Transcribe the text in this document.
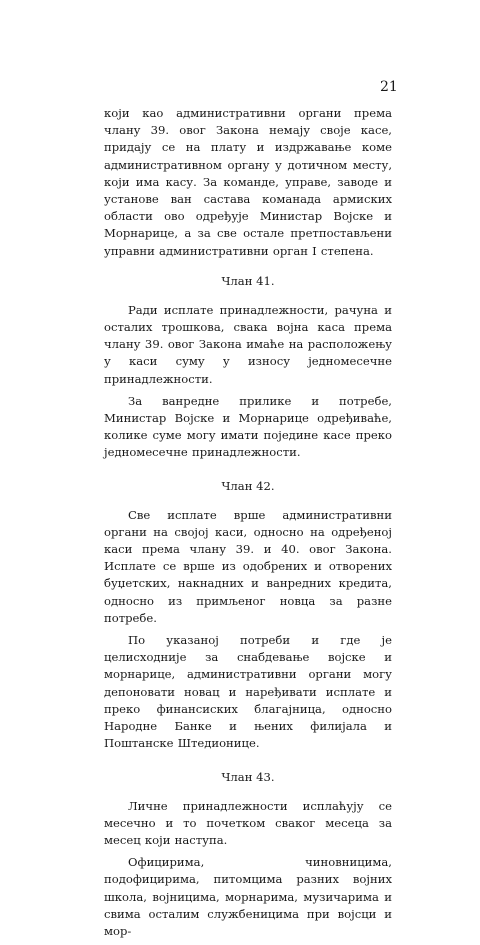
21

који као административни органи према члану 39. овог Закона немају своје касе, придају се на плату и издржавање коме административном органу у дотичном месту, који има касу. За команде, управе, заводе и установе ван састава команада армиских области ово одређује Министар Војске и Морнарице, а за све остале претпостављени управни административни орган I степена.

Члан 41.

Ради исплате принадлежности, рачуна и осталих трошкова, свака војна каса према члану 39. овог Закона имаће на расположењу у каси суму у износу једномесечне принадлежности.

За ванредне прилике и потребе, Министар Војске и Морнарице одређиваће, колике суме могу имати поједине касе преко једномесечне принадлежности.

Члан 42.

Све исплате врше административни органи на својој каси, односно на одређеној каси према члану 39. и 40. овог Закона. Исплате се врше из одобрених и отворених буџетских, накнадних и ванредних кредита, односно из примљеног новца за разне потребе.

По указаној потреби и где је целисходније за снабдевање војске и морнарице, административни органи могу депоновати новац и наређивати исплате и преко финансиских благајница, односно Народне Банке и њених филијала и Поштанске Штедионице.

Члан 43.

Личне принадлежности исплаћују се месечно и то почетком сваког месеца за месец који наступа.

Официрима, чиновницима, подофицирима, питомцима разних војних школа, војницима, морнарима, музичарима и свима осталим службеницима при војсци и мор-
